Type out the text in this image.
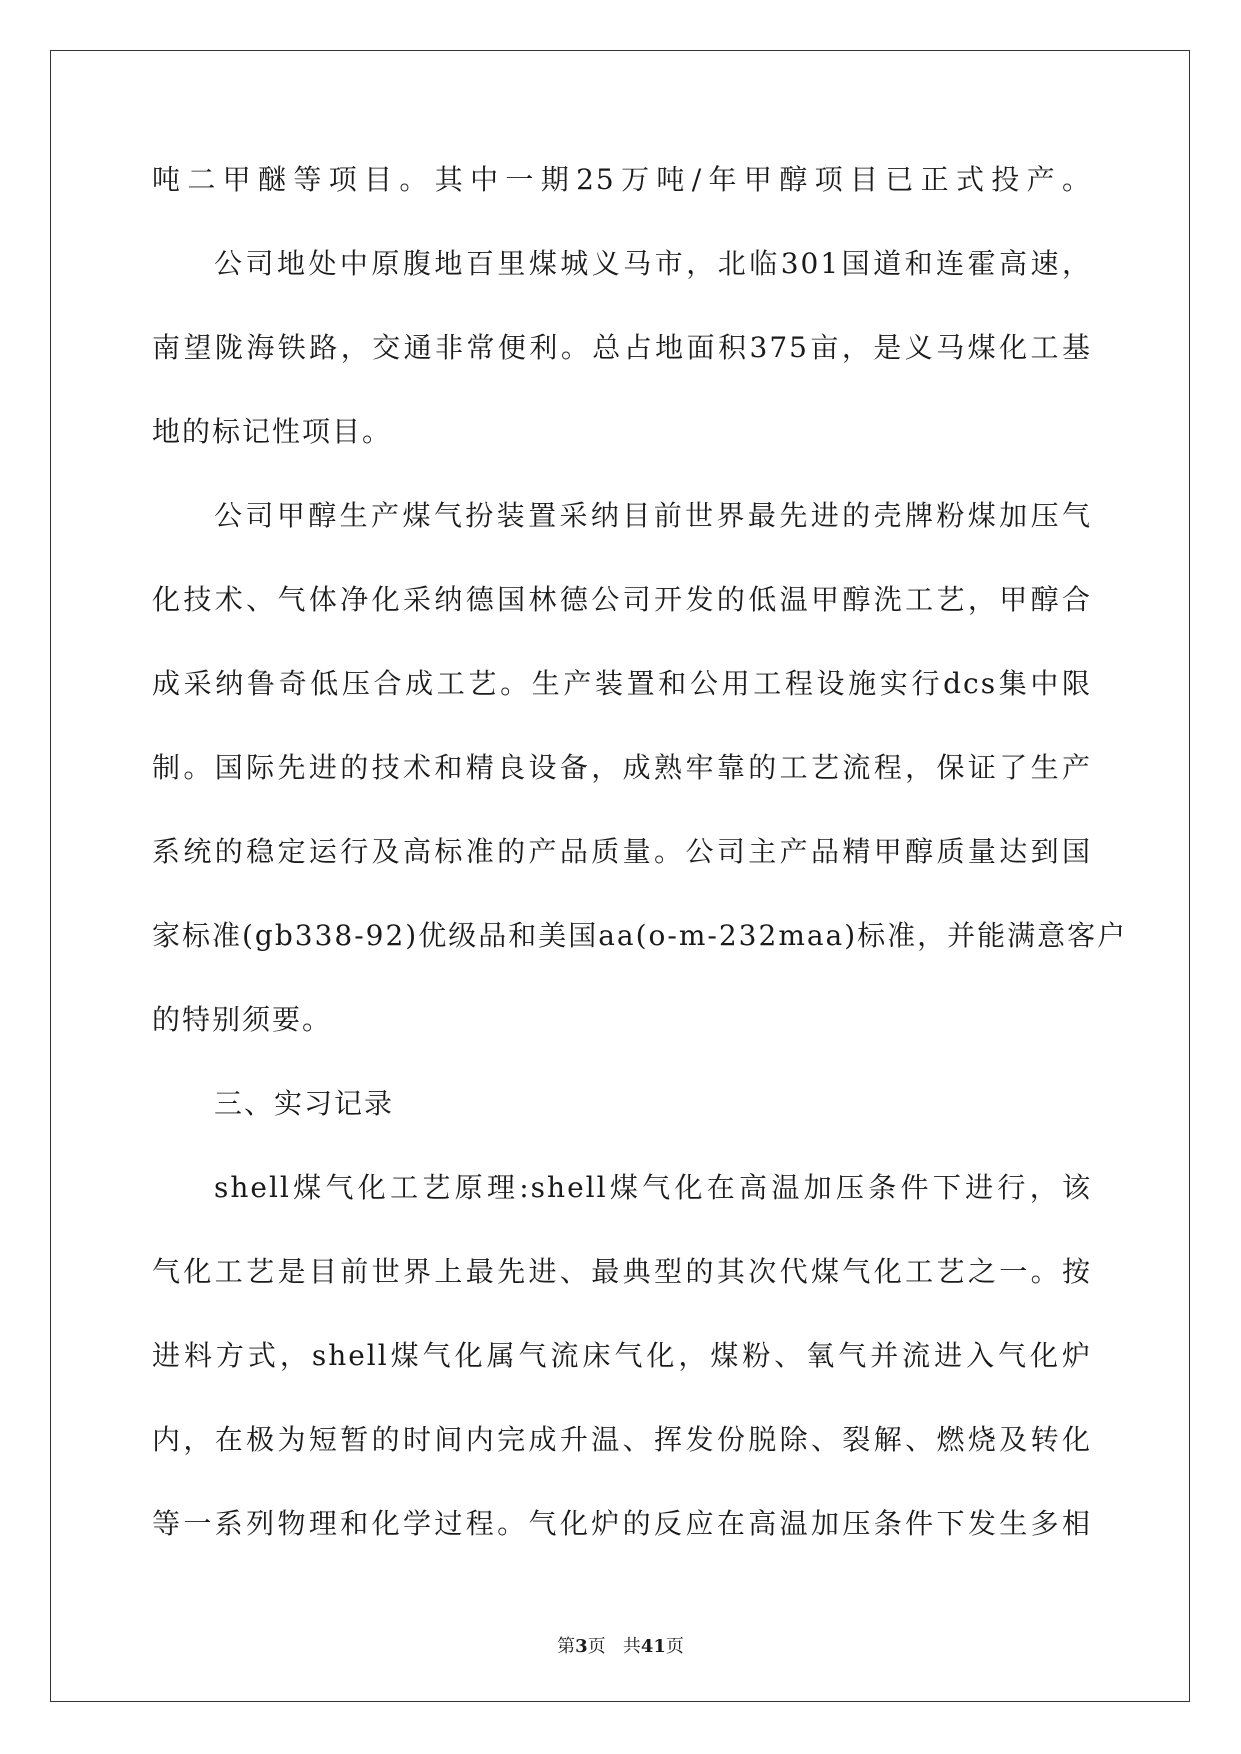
吨二甲醚等项目。其中一期25万吨/年甲醇项目已正式投产。
公司地处中原腹地百里煤城义马市，北临301国道和连霍高速，
南望陇海铁路，交通非常便利。总占地面积375亩，是义马煤化工基
地的标记性项目。
公司甲醇生产煤气扮装置采纳目前世界最先进的壳牌粉煤加压气
化技术、气体净化采纳德国林德公司开发的低温甲醇洗工艺，甲醇合
成采纳鲁奇低压合成工艺。生产装置和公用工程设施实行dcs集中限
制。国际先进的技术和精良设备，成熟牢靠的工艺流程，保证了生产
系统的稳定运行及高标准的产品质量。公司主产品精甲醇质量达到国
家标准(gb338-92)优级品和美国aa(o-m-232maa)标准，并能满意客户
的特别须要。
三、实习记录
shell煤气化工艺原理:shell煤气化在高温加压条件下进行，该
气化工艺是目前世界上最先进、最典型的其次代煤气化工艺之一。按
进料方式，shell煤气化属气流床气化，煤粉、氧气并流进入气化炉
内，在极为短暂的时间内完成升温、挥发份脱除、裂解、燃烧及转化
等一系列物理和化学过程。气化炉的反应在高温加压条件下发生多相
第3页 共41页
